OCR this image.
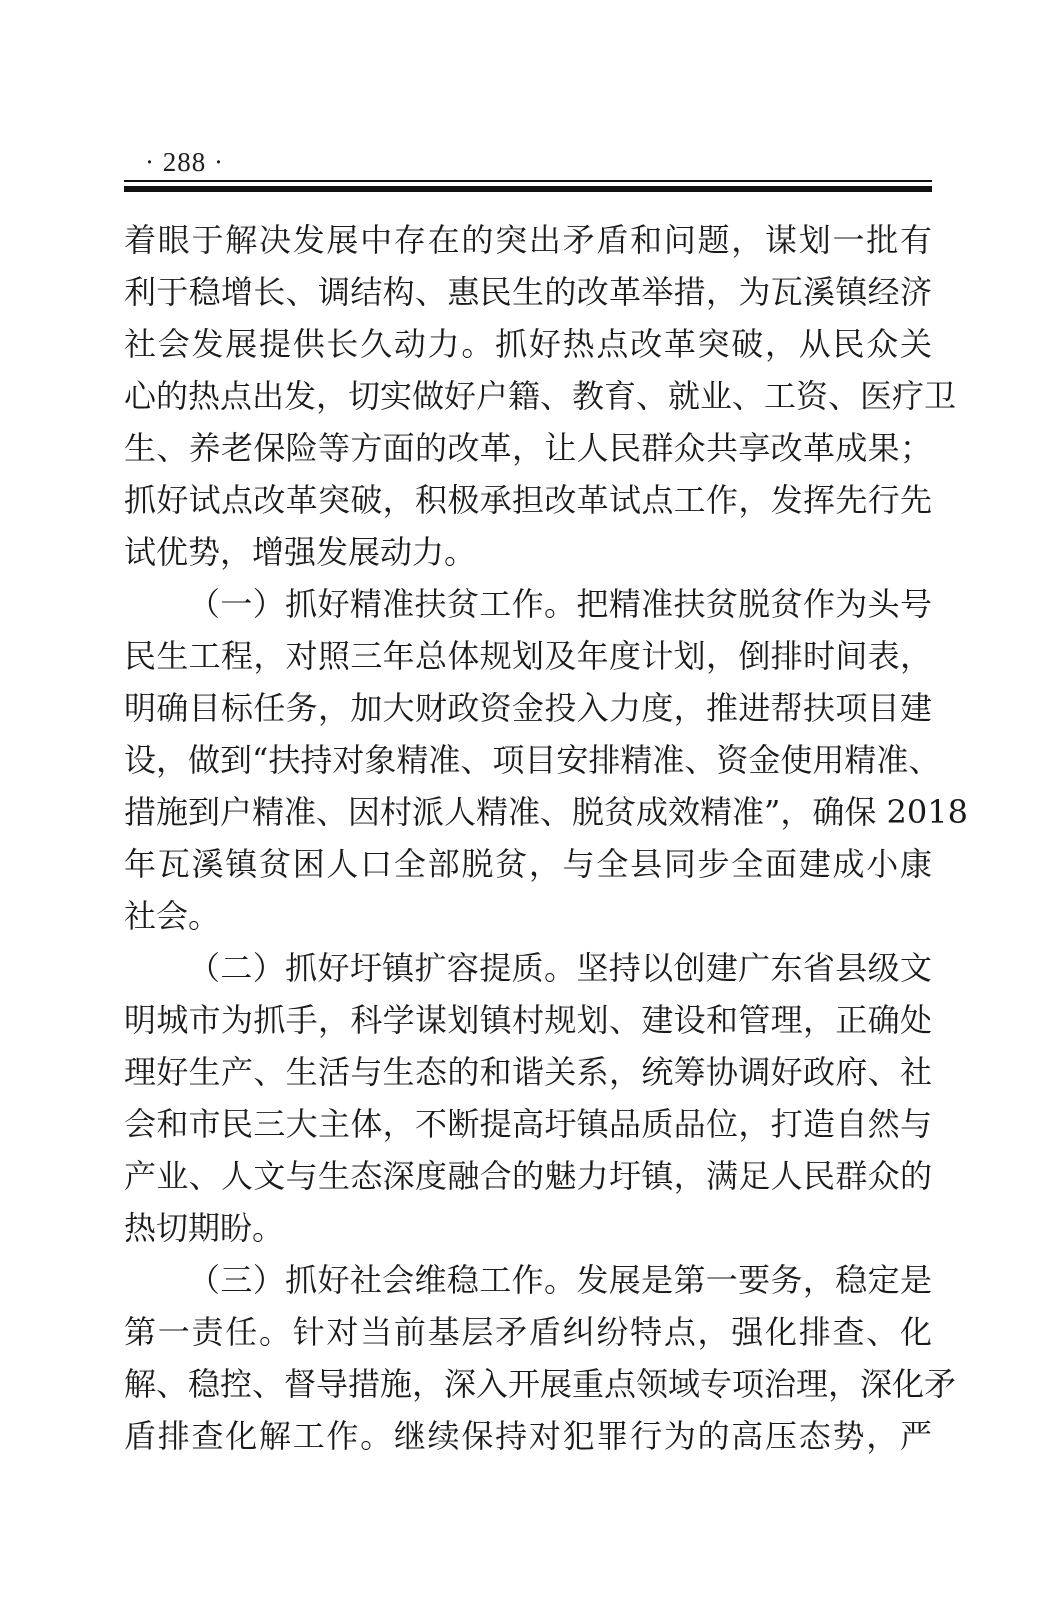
· 288 ·
着眼于解决发展中存在的突出矛盾和问题，谋划一批有
利于稳增长、调结构、惠民生的改革举措，为瓦溪镇经济
社会发展提供长久动力。抓好热点改革突破，从民众关
心的热点出发，切实做好户籍、教育、就业、工资、医疗卫
生、养老保险等方面的改革，让人民群众共享改革成果；
抓好试点改革突破，积极承担改革试点工作，发挥先行先
试优势，增强发展动力。
（一）抓好精准扶贫工作。把精准扶贫脱贫作为头号
民生工程，对照三年总体规划及年度计划，倒排时间表，
明确目标任务，加大财政资金投入力度，推进帮扶项目建
设，做到“扶持对象精准、项目安排精准、资金使用精准、
措施到户精准、因村派人精准、脱贫成效精准”，确保 2018
年瓦溪镇贫困人口全部脱贫，与全县同步全面建成小康
社会。
（二）抓好圩镇扩容提质。坚持以创建广东省县级文
明城市为抓手，科学谋划镇村规划、建设和管理，正确处
理好生产、生活与生态的和谐关系，统筹协调好政府、社
会和市民三大主体，不断提高圩镇品质品位，打造自然与
产业、人文与生态深度融合的魅力圩镇，满足人民群众的
热切期盼。
（三）抓好社会维稳工作。发展是第一要务，稳定是
第一责任。针对当前基层矛盾纠纷特点，强化排查、化
解、稳控、督导措施，深入开展重点领域专项治理，深化矛
盾排查化解工作。继续保持对犯罪行为的高压态势，严
